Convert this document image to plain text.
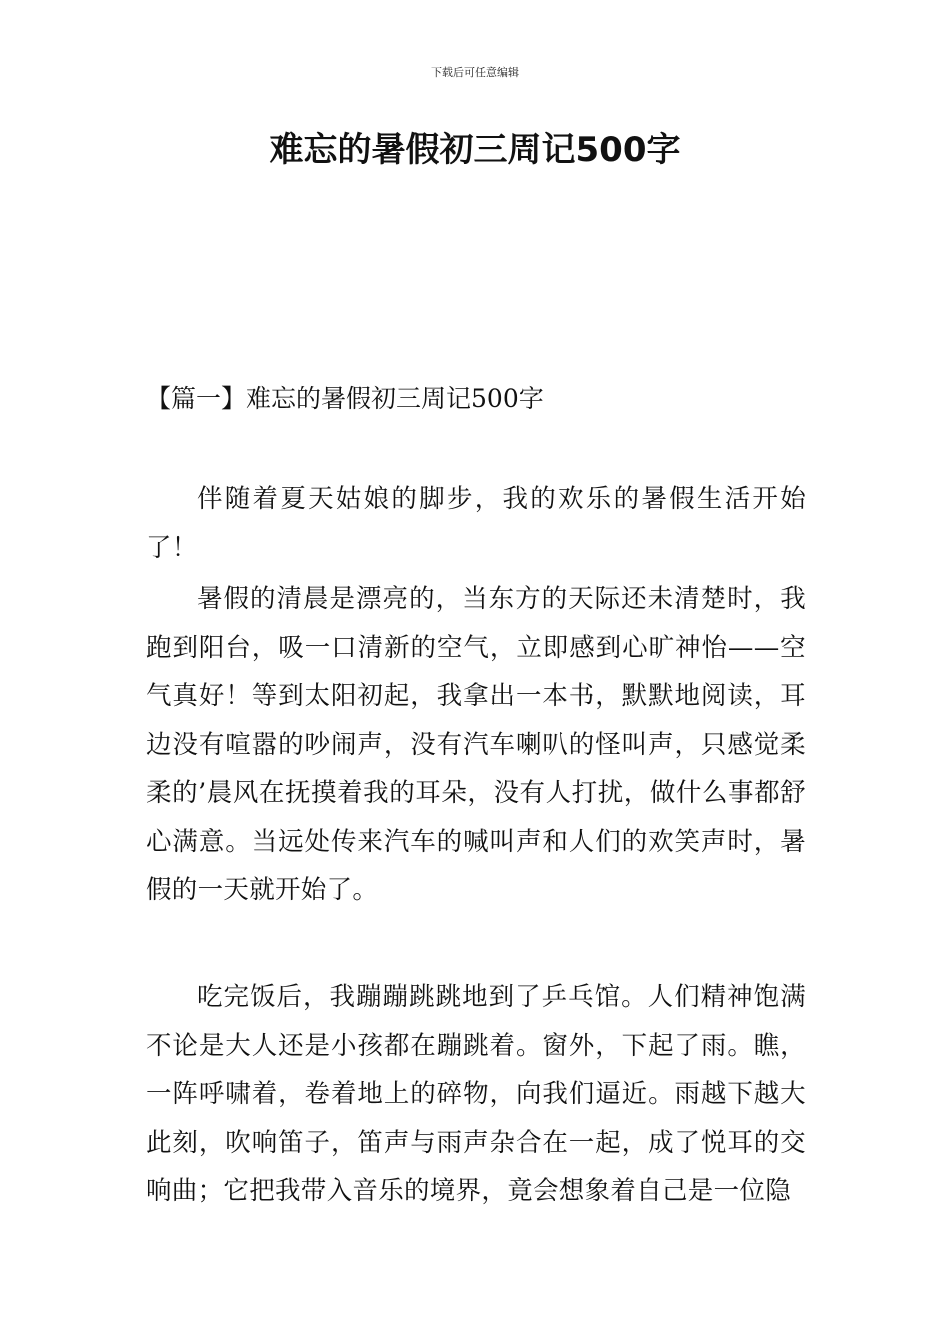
下载后可任意编辑
难忘的暑假初三周记500字
【篇一】难忘的暑假初三周记500字

伴随着夏天姑娘的脚步，我的欢乐的暑假生活开始了！

暑假的清晨是漂亮的，当东方的天际还未清楚时，我跑到阳台，吸一口清新的空气，立即感到心旷神怡——空气真好！等到太阳初起，我拿出一本书，默默地阅读，耳边没有喧嚣的吵闹声，没有汽车喇叭的怪叫声，只感觉柔柔的’晨风在抚摸着我的耳朵，没有人打扰，做什么事都舒心满意。当远处传来汽车的喊叫声和人们的欢笑声时，暑假的一天就开始了。

吃完饭后，我蹦蹦跳跳地到了乒乓馆。人们精神饱满不论是大人还是小孩都在蹦跳着。窗外，下起了雨。瞧，一阵呼啸着，卷着地上的碎物，向我们逼近。雨越下越大此刻，吹响笛子，笛声与雨声杂合在一起，成了悦耳的交响曲；它把我带入音乐的境界，竟会想象着自己是一位隐
